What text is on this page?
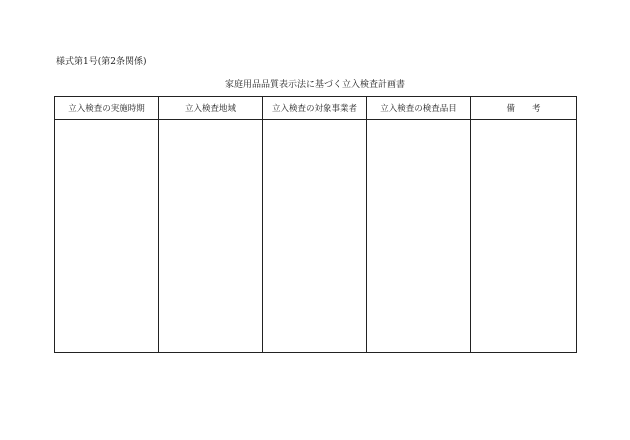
様式第1号(第2条関係)
家庭用品品質表示法に基づく立入検査計画書
立入検査の実施時期	立入検査地域	立入検査の対象事業者	立入検査の検査品目	備　　考
